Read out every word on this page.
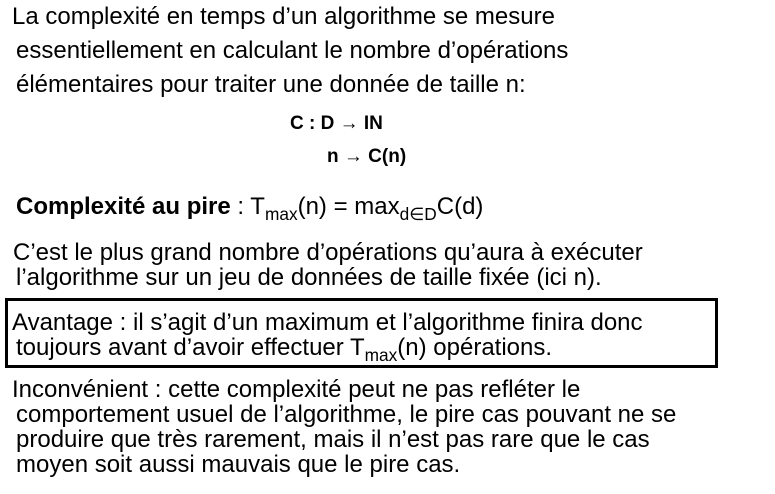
La complexité en temps d’un algorithme se mesure
essentiellement en calculant le nombre d’opérations
élémentaires pour traiter une donnée de taille n:
C : D → IN
n → C(n)
Complexité au pire : $T_{max}(n) = \max_{d\in D}C(d)$
C’est le plus grand nombre d’opérations qu’aura à exécuter
l’algorithme sur un jeu de données de taille fixée (ici n).
Avantage : il s’agit d’un maximum et l’algorithme finira donc
toujours avant d’avoir effectuer $T_{max}(n)$ opérations.
Inconvénient : cette complexité peut ne pas refléter le
comportement usuel de l’algorithme, le pire cas pouvant ne se
produire que très rarement, mais il n’est pas rare que le cas
moyen soit aussi mauvais que le pire cas.
